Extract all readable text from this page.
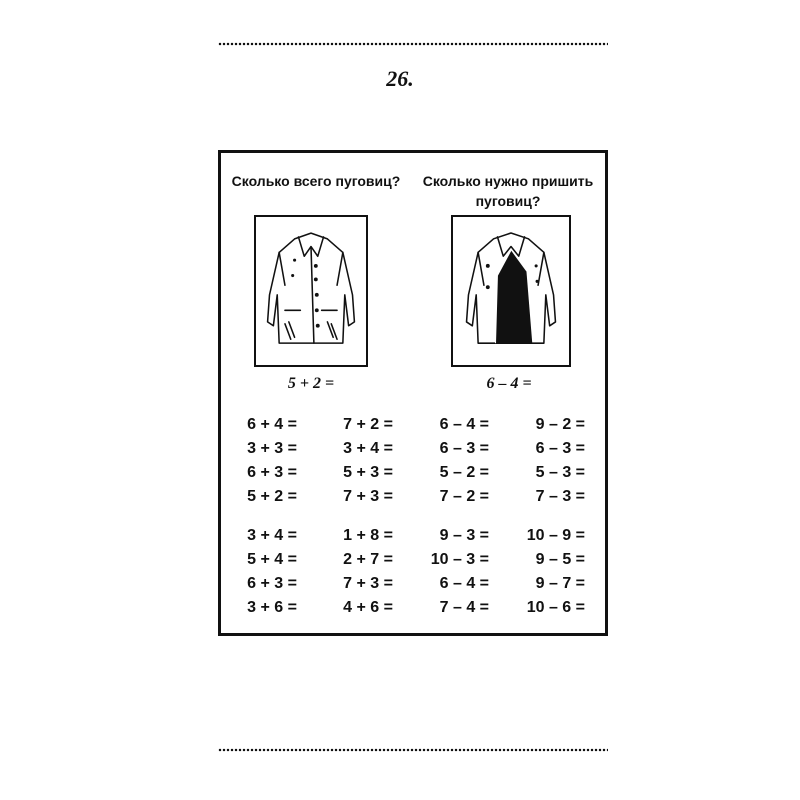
26.
Сколько всего пуговиц?	Сколько нужно пришить пуговиц?
5 + 2 =	6 – 4 =
6 + 4 =
3 + 3 =
6 + 3 =
5 + 2 =
3 + 4 =
5 + 4 =
6 + 3 =
3 + 6 =
7 + 2 =
3 + 4 =
5 + 3 =
7 + 3 =
1 + 8 =
2 + 7 =
7 + 3 =
4 + 6 =
6 – 4 =
6 – 3 =
5 – 2 =
7 – 2 =
9 – 3 =
10 – 3 =
6 – 4 =
7 – 4 =
9 – 2 =
6 – 3 =
5 – 3 =
7 – 3 =
10 – 9 =
9 – 5 =
9 – 7 =
10 – 6 =
